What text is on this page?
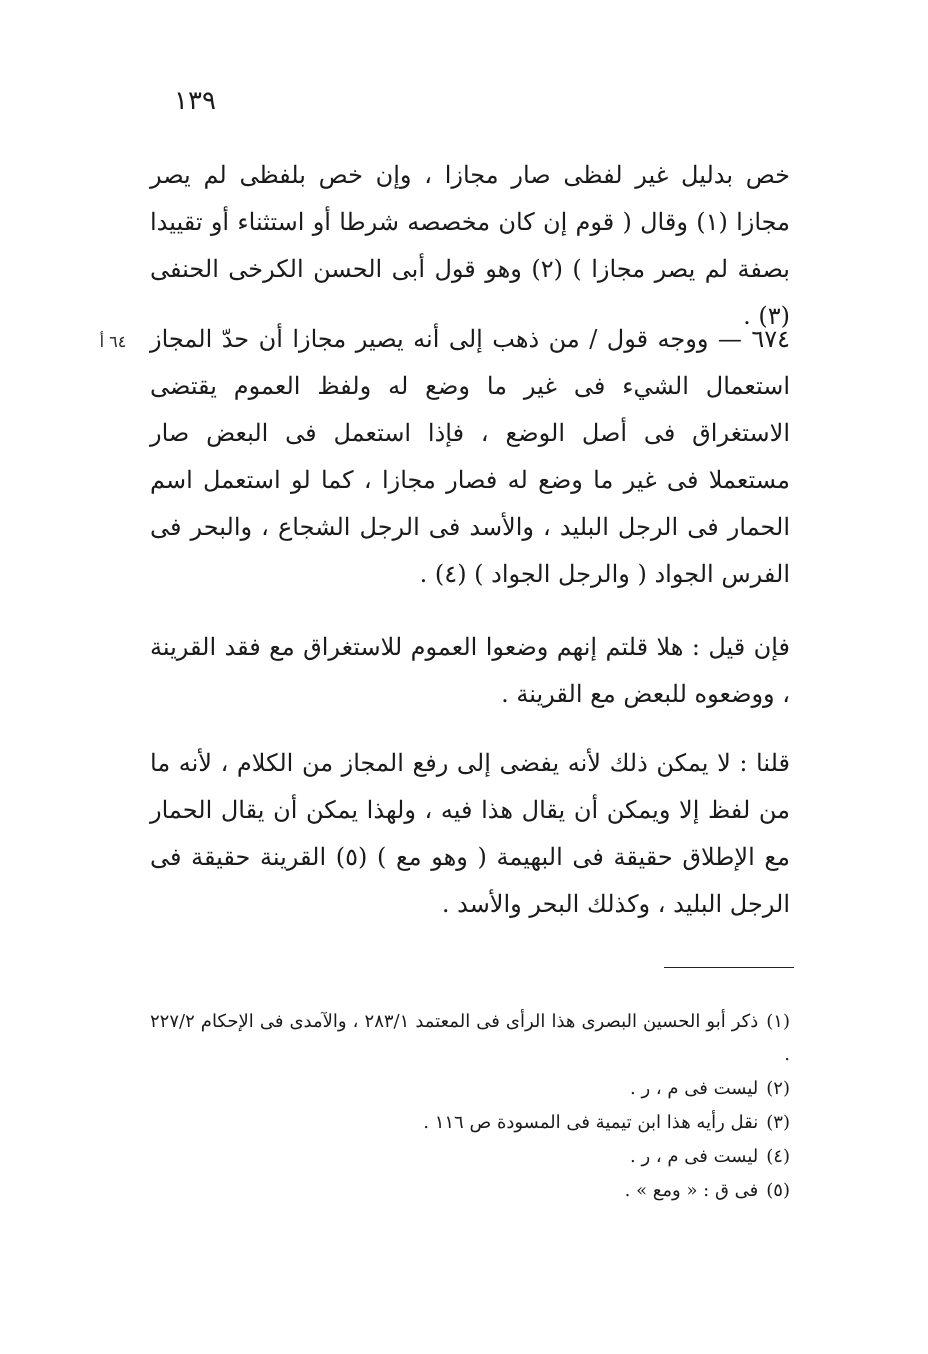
١٣٩
٦٤ أ

خص بدليل غير لفظى صار مجازا ، وإن خص بلفظى لم يصر مجازا (١) وقال ( قوم إن كان مخصصه شرطا أو استثناء أو تقييدا بصفة لم يصر مجازا ) (٢) وهو قول أبى الحسن الكرخى الحنفى (٣) .

٦٧٤ — ووجه قول / من ذهب إلى أنه يصير مجازا أن حدّ المجاز استعمال الشيء فى غير ما وضع له ولفظ العموم يقتضى الاستغراق فى أصل الوضع ، فإذا استعمل فى البعض صار مستعملا فى غير ما وضع له فصار مجازا ، كما لو استعمل اسم الحمار فى الرجل البليد ، والأسد فى الرجل الشجاع ، والبحر فى الفرس الجواد ( والرجل الجواد ) (٤) .

فإن قيل : هلا قلتم إنهم وضعوا العموم للاستغراق مع فقد القرينة ، ووضعوه للبعض مع القرينة .

قلنا : لا يمكن ذلك لأنه يفضى إلى رفع المجاز من الكلام ، لأنه ما من لفظ إلا ويمكن أن يقال هذا فيه ، ولهذا يمكن أن يقال الحمار مع الإطلاق حقيقة فى البهيمة ( وهو مع ) (٥) القرينة حقيقة فى الرجل البليد ، وكذلك البحر والأسد .

(١)ذكر أبو الحسين البصرى هذا الرأى فى المعتمد ٢٨٣/١ ، والآمدى فى الإحكام ٢٢٧/٢ .

(٢)ليست فى م ، ر .

(٣)نقل رأيه هذا ابن تيمية فى المسودة ص ١١٦ .

(٤)ليست فى م ، ر .

(٥)فى ق : « ومع » .
